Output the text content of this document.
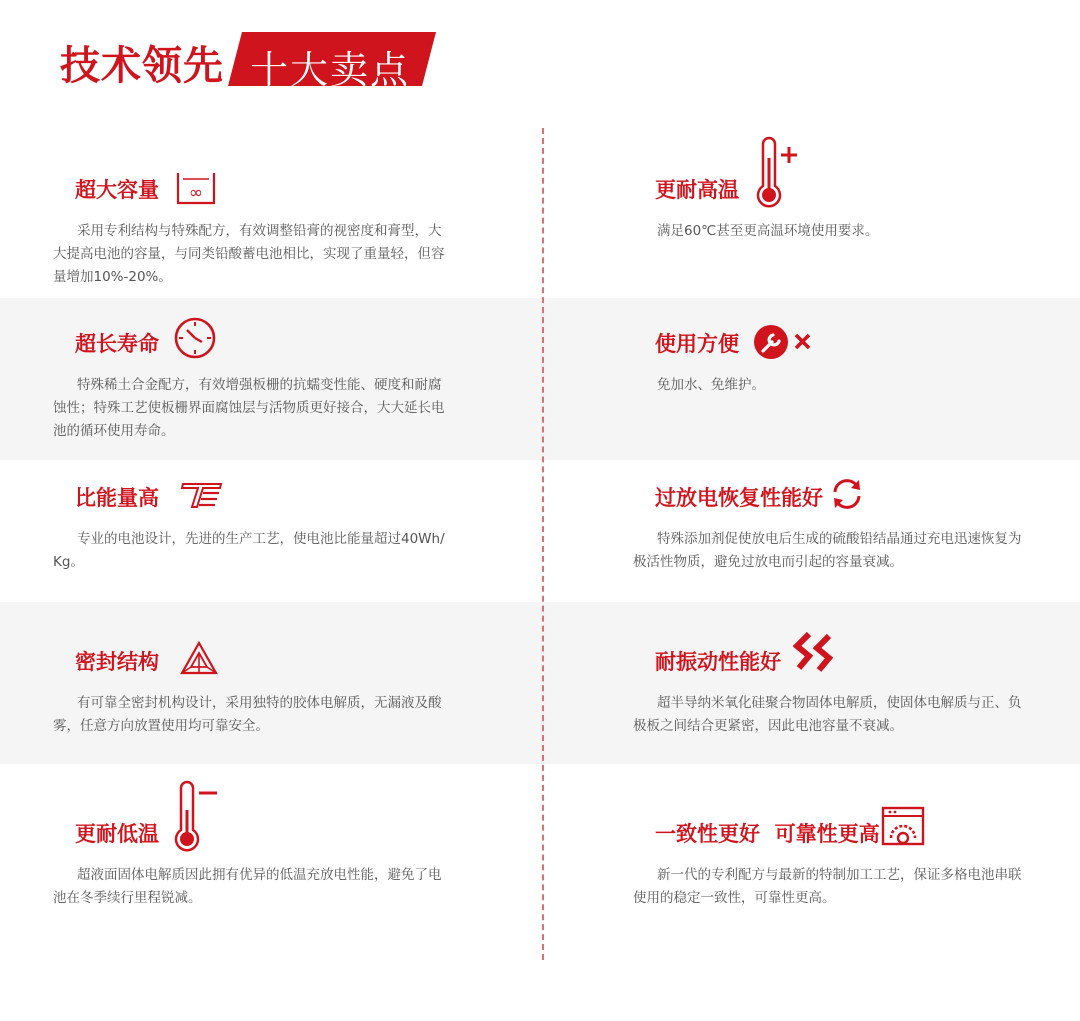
技术领先 十大卖点
超大容量 ∞
采用专利结构与特殊配方，有效调整铅膏的视密度和膏型，大大提高电池的容量，与同类铅酸蓄电池相比，实现了重量轻，但容量增加10%-20%。
更耐高温
满足60℃甚至更高温环境使用要求。
超长寿命
特殊稀土合金配方，有效增强板栅的抗蠕变性能、硬度和耐腐蚀性；特殊工艺使板栅界面腐蚀层与活物质更好接合，大大延长电池的循环使用寿命。
使用方便
免加水、免维护。
比能量高
专业的电池设计，先进的生产工艺，使电池比能量超过40Wh/Kg。
过放电恢复性能好
特殊添加剂促使放电后生成的硫酸铅结晶通过充电迅速恢复为极活性物质，避免过放电而引起的容量衰减。
密封结构
有可靠全密封机构设计，采用独特的胶体电解质，无漏液及酸雾，任意方向放置使用均可靠安全。
耐振动性能好
超半导纳米氧化硅聚合物固体电解质，使固体电解质与正、负极板之间结合更紧密，因此电池容量不衰减。
更耐低温
超液面固体电解质因此拥有优异的低温充放电性能，避免了电池在冬季续行里程锐减。
一致性更好  可靠性更高
新一代的专利配方与最新的特制加工工艺，保证多格电池串联使用的稳定一致性，可靠性更高。
